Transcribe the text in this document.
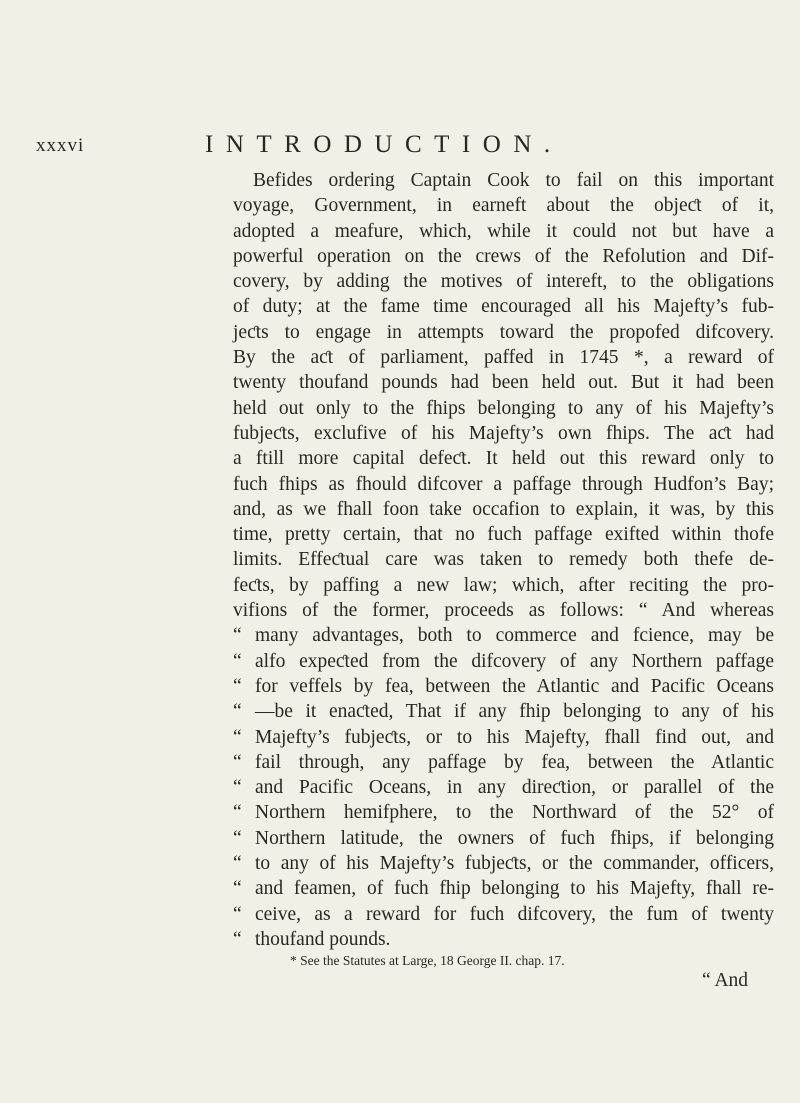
xxxvi	INTRODUCTION.
Befides ordering Captain Cook to fail on this important
voyage, Government, in earneft about the objeƈt of it,
adopted a meafure, which, while it could not but have a
powerful operation on the crews of the Refolution and Dif-
covery, by adding the motives of intereft, to the obligations
of duty; at the fame time encouraged all his Majefty’s fub-
jeƈts to engage in attempts toward the propofed difcovery.
By the aƈt of parliament, paffed in 1745 *, a reward of
twenty thoufand pounds had been held out. But it had been
held out only to the fhips belonging to any of his Majefty’s
fubjeƈts, exclufive of his Majefty’s own fhips. The aƈt had
a ftill more capital defeƈt. It held out this reward only to
fuch fhips as fhould difcover a paffage through Hudfon’s Bay;
and, as we fhall foon take occafion to explain, it was, by this
time, pretty certain, that no fuch paffage exifted within thofe
limits. Effeƈtual care was taken to remedy both thefe de-
feƈts, by paffing a new law; which, after reciting the pro-
vifions of the former, proceeds as follows: “ And whereas
“ many advantages, both to commerce and fcience, may be
“ alfo expeƈted from the difcovery of any Northern paffage
“ for veffels by fea, between the Atlantic and Pacific Oceans
“ —be it enaƈted, That if any fhip belonging to any of his
“ Majefty’s fubjeƈts, or to his Majefty, fhall find out, and
“ fail through, any paffage by fea, between the Atlantic
“ and Pacific Oceans, in any direƈtion, or parallel of the
“ Northern hemifphere, to the Northward of the 52° of
“ Northern latitude, the owners of fuch fhips, if belonging
“ to any of his Majefty’s fubjeƈts, or the commander, officers,
“ and feamen, of fuch fhip belonging to his Majefty, fhall re-
“ ceive, as a reward for fuch difcovery, the fum of twenty
“ thoufand pounds.
* See the Statutes at Large, 18 George II. chap. 17.
“ And
